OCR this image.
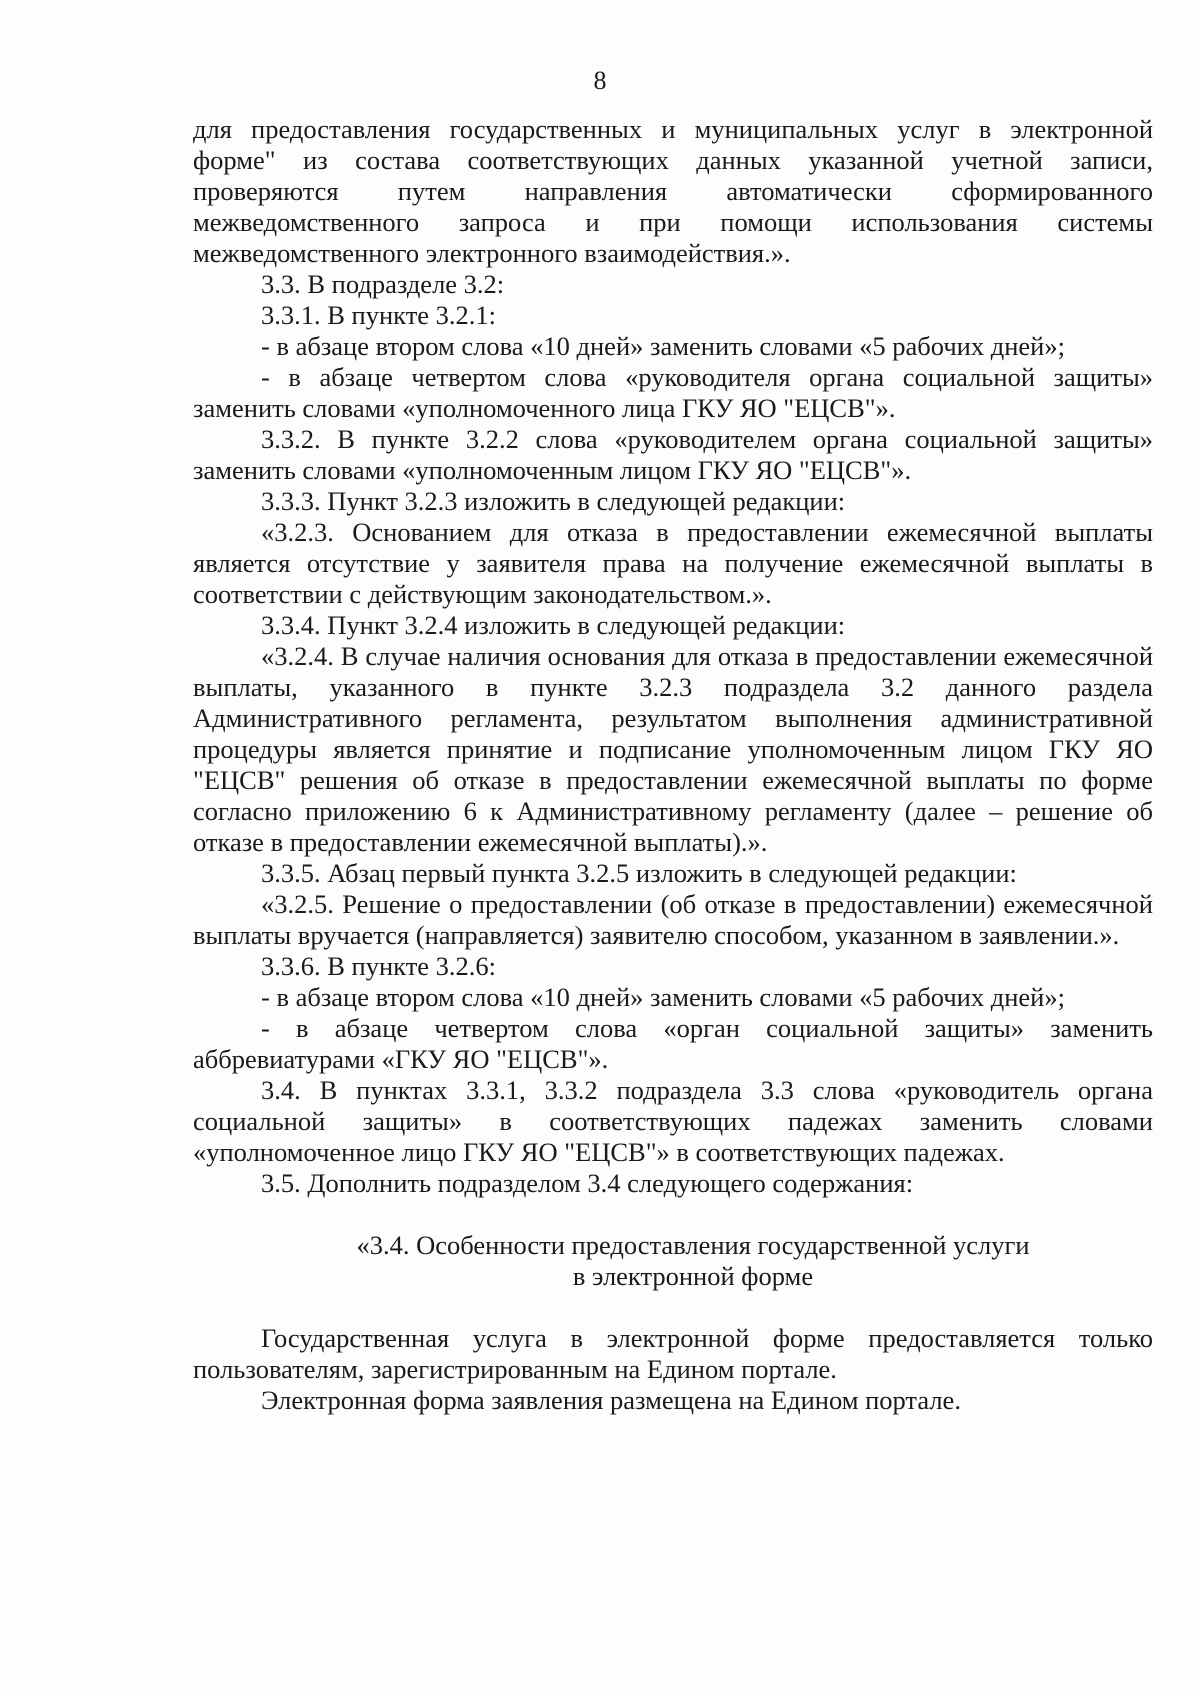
8

для предоставления государственных и муниципальных услуг в электронной форме" из состава соответствующих данных указанной учетной записи, проверяются путем направления автоматически сформированного межведомственного запроса и при помощи использования системы межведомственного электронного взаимодействия.».

3.3. В подразделе 3.2:

3.3.1. В пункте 3.2.1:

- в абзаце втором слова «10 дней» заменить словами «5 рабочих дней»;

- в абзаце четвертом слова «руководителя органа социальной защиты» заменить словами «уполномоченного лица ГКУ ЯО "ЕЦСВ"».

3.3.2. В пункте 3.2.2 слова «руководителем органа социальной защиты» заменить словами «уполномоченным лицом ГКУ ЯО "ЕЦСВ"».

3.3.3. Пункт 3.2.3 изложить в следующей редакции:

«3.2.3. Основанием для отказа в предоставлении ежемесячной выплаты является отсутствие у заявителя права на получение ежемесячной выплаты в соответствии с действующим законодательством.».

3.3.4. Пункт 3.2.4 изложить в следующей редакции:

«3.2.4. В случае наличия основания для отказа в предоставлении ежемесячной выплаты, указанного в пункте 3.2.3 подраздела 3.2 данного раздела Административного регламента, результатом выполнения административной процедуры является принятие и подписание уполномоченным лицом ГКУ ЯО "ЕЦСВ" решения об отказе в предоставлении ежемесячной выплаты по форме согласно приложению 6 к Административному регламенту (далее – решение об отказе в предоставлении ежемесячной выплаты).».

3.3.5. Абзац первый пункта 3.2.5 изложить в следующей редакции:

«3.2.5. Решение о предоставлении (об отказе в предоставлении) ежемесячной выплаты вручается (направляется) заявителю способом, указанном в заявлении.».

3.3.6. В пункте 3.2.6:

- в абзаце втором слова «10 дней» заменить словами «5 рабочих дней»;

- в абзаце четвертом слова «орган социальной защиты» заменить аббревиатурами «ГКУ ЯО "ЕЦСВ"».

3.4. В пунктах 3.3.1, 3.3.2 подраздела 3.3 слова «руководитель органа социальной защиты» в соответствующих падежах заменить словами «уполномоченное лицо ГКУ ЯО "ЕЦСВ"» в соответствующих падежах.

3.5. Дополнить подразделом 3.4 следующего содержания:

«3.4. Особенности предоставления государственной услуги
в электронной форме

Государственная услуга в электронной форме предоставляется только пользователям, зарегистрированным на Едином портале.

Электронная форма заявления размещена на Едином портале.
